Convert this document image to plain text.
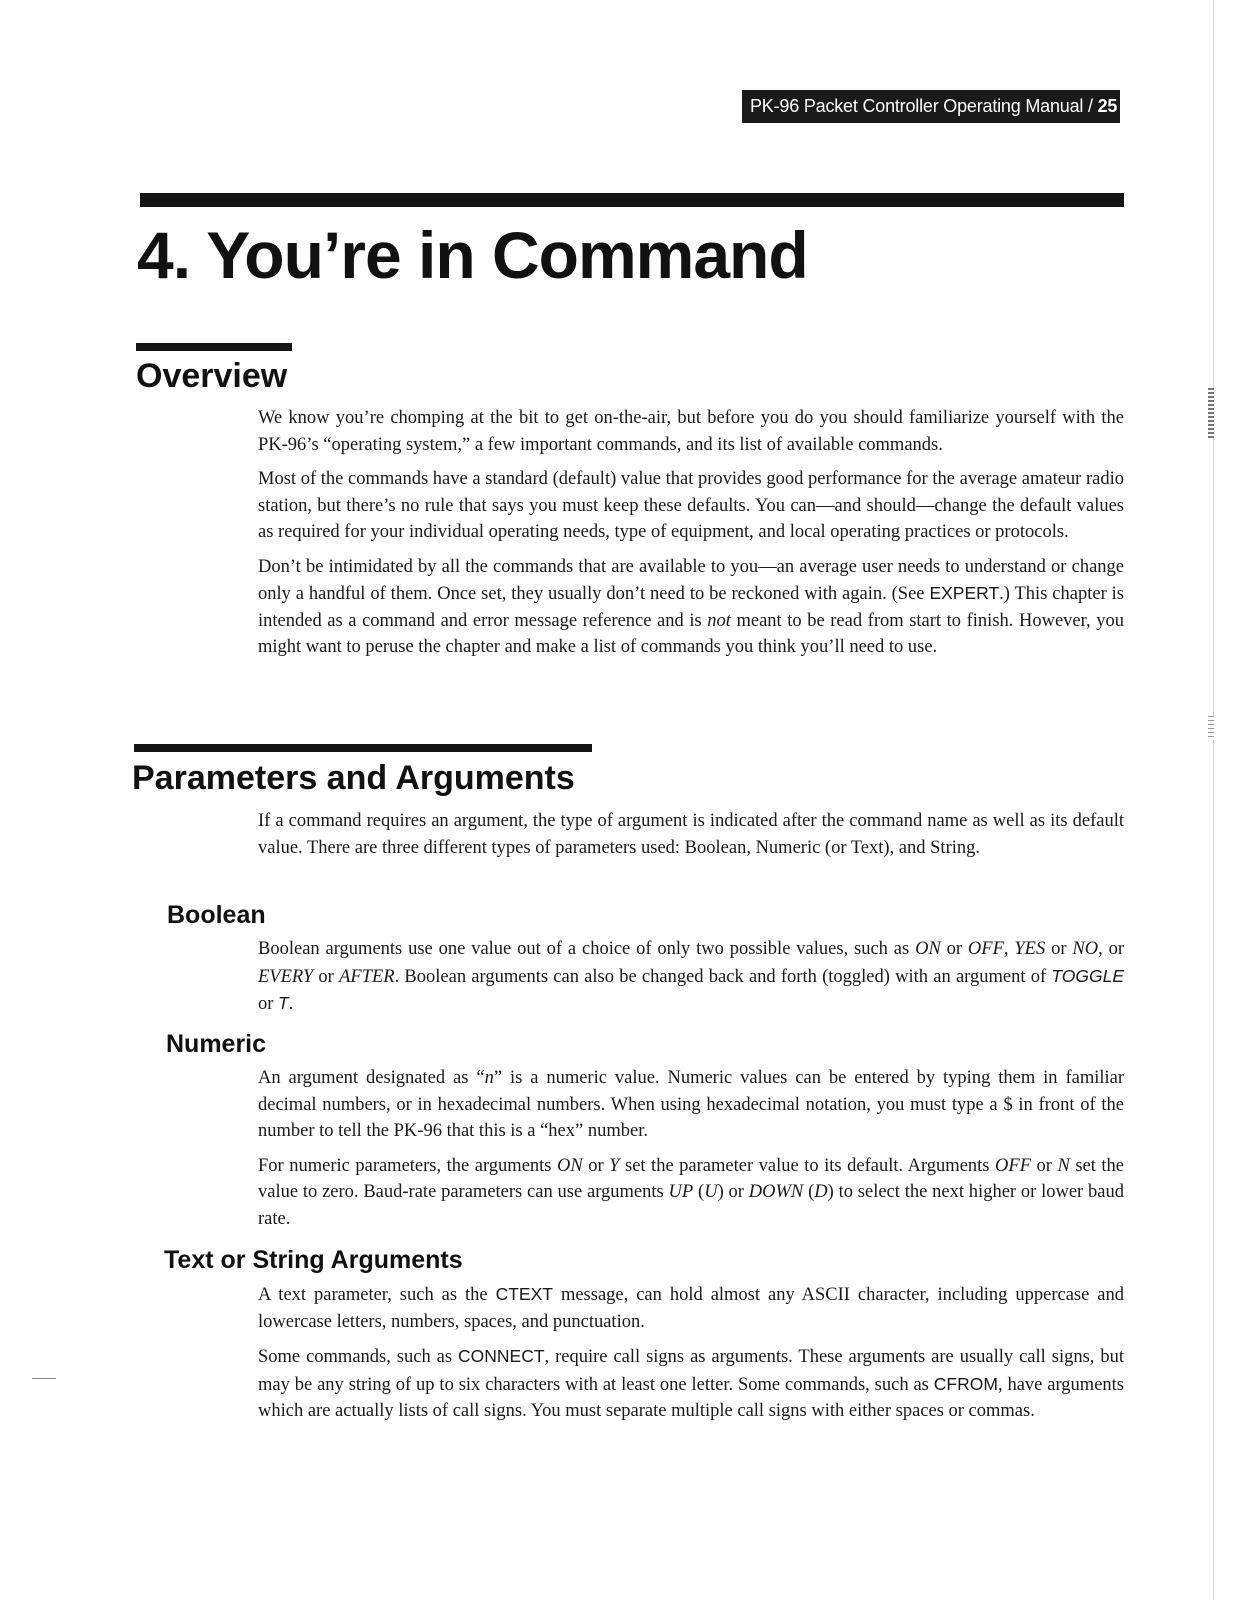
PK-96 Packet Controller Operating Manual / 25
4. You’re in Command
Overview

We know you’re chomping at the bit to get on-the-air, but before you do you should familiarize yourself with the PK-96’s “operating system,” a few important commands, and its list of available commands.

Most of the commands have a standard (default) value that provides good performance for the average amateur radio station, but there’s no rule that says you must keep these defaults. You can—and should—change the default values as required for your individual operating needs, type of equipment, and local operating practices or protocols.

Don’t be intimidated by all the commands that are available to you—an average user needs to understand or change only a handful of them. Once set, they usually don’t need to be reckoned with again. (See EXPERT.) This chapter is intended as a command and error message reference and is not meant to be read from start to finish. However, you might want to peruse the chapter and make a list of commands you think you’ll need to use.

Parameters and Arguments

If a command requires an argument, the type of argument is indicated after the command name as well as its default value. There are three different types of parameters used: Boolean, Numeric (or Text), and String.

Boolean

Boolean arguments use one value out of a choice of only two possible values, such as ON or OFF, YES or NO, or EVERY or AFTER. Boolean arguments can also be changed back and forth (toggled) with an argument of TOGGLE or T.

Numeric

An argument designated as “n” is a numeric value. Numeric values can be entered by typing them in familiar decimal numbers, or in hexadecimal numbers. When using hexadecimal notation, you must type a $ in front of the number to tell the PK-96 that this is a “hex” number.

For numeric parameters, the arguments ON or Y set the parameter value to its default. Arguments OFF or N set the value to zero. Baud-rate parameters can use arguments UP (U) or DOWN (D) to select the next higher or lower baud rate.

Text or String Arguments

A text parameter, such as the CTEXT message, can hold almost any ASCII character, including uppercase and lowercase letters, numbers, spaces, and punctuation.

Some commands, such as CONNECT, require call signs as arguments. These arguments are usually call signs, but may be any string of up to six characters with at least one letter. Some commands, such as CFROM, have arguments which are actually lists of call signs. You must separate multiple call signs with either spaces or commas.
